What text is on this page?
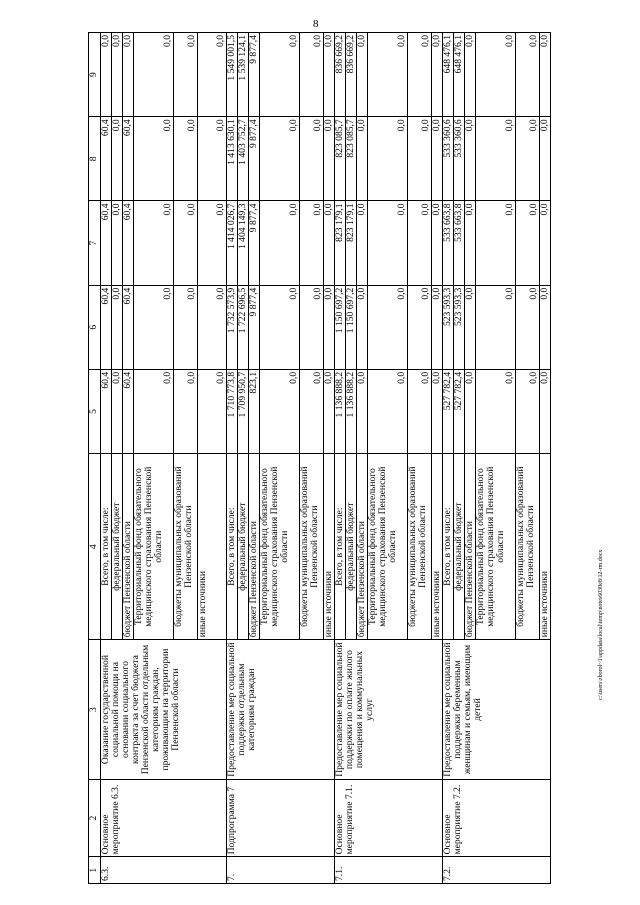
8
1	2	3	4	5	6	7	8	9
6.3.	Основное мероприятие 6.3.	Оказание государственной социальной помощи на основании социального контракта за счет бюджета Пензенской области отдельным категориям граждан, проживающим на территории Пензенской области	Всего, в том числе:	60,4	60,4	60,4	60,4	0,0
			федеральный бюджет	0,0	0,0	0,0	0,0	0,0
			бюджет Пензенской области	60,4	60,4	60,4	60,4	0,0
			Территориальный фонд обязательного медицинского страхования Пензенской области	0,0	0,0	0,0	0,0	0,0
			бюджеты муниципальных образований Пензенской области	0,0	0,0	0,0	0,0	0,0
			иные источники	0,0	0,0	0,0	0,0	0,0
7.	Подпрограмма 7	Предоставление мер социальной поддержки отдельным категориям граждан	Всего, в том числе:	1 710 773,8	1 732 573,9	1 414 026,7	1 413 630,1	1 549 001,5
			федеральный бюджет	1 709 950,7	1 722 696,5	1 404 149,3	1 403 752,7	1 539 124,1
			бюджет Пензенской области	823,1	9 877,4	9 877,4	9 877,4	9 877,4
			Территориальный фонд обязательного медицинского страхования Пензенской области	0,0	0,0	0,0	0,0	0,0
			бюджеты муниципальных образований Пензенской области	0,0	0,0	0,0	0,0	0,0
			иные источники	0,0	0,0	0,0	0,0	0,0
7.1.	Основное мероприятие 7.1.	Предоставление мер социальной поддержки по оплате жилого помещения и коммунальных услуг	Всего, в том числе:	1 136 888,2	1 150 697,2	823 179,1	823 085,7	836 669,2
			федеральный бюджет	1 136 888,2	1 150 697,2	823 179,1	823 085,7	836 669,2
			бюджет Пензенской области	0,0	0,0	0,0	0,0	0,0
			Территориальный фонд обязательного медицинского страхования Пензенской области	0,0	0,0	0,0	0,0	0,0
			бюджеты муниципальных образований Пензенской области	0,0	0,0	0,0	0,0	0,0
			иные источники	0,0	0,0	0,0	0,0	0,0
7.2.	Основное мероприятие 7.2.	Предоставление мер социальной поддержки беременным женщинам и семьям, имеющим детей	Всего, в том числе:	527 782,4	523 593,3	533 663,8	533 360,6	648 476,1
			федеральный бюджет	527 782,4	523 593,3	533 663,8	533 360,6	648 476,1
			бюджет Пензенской области	0,0	0,0	0,0	0,0	0,0
			Территориальный фонд обязательного медицинского страхования Пензенской области	0,0	0,0	0,0	0,0	0,0
			бюджеты муниципальных образований Пензенской области	0,0	0,0	0,0	0,0	0,0
			иные источники	0,0	0,0	0,0	0,0	0,0
c:\users\zborol~1\appdata\local\temp\notes6030e8\12-rm.docx
